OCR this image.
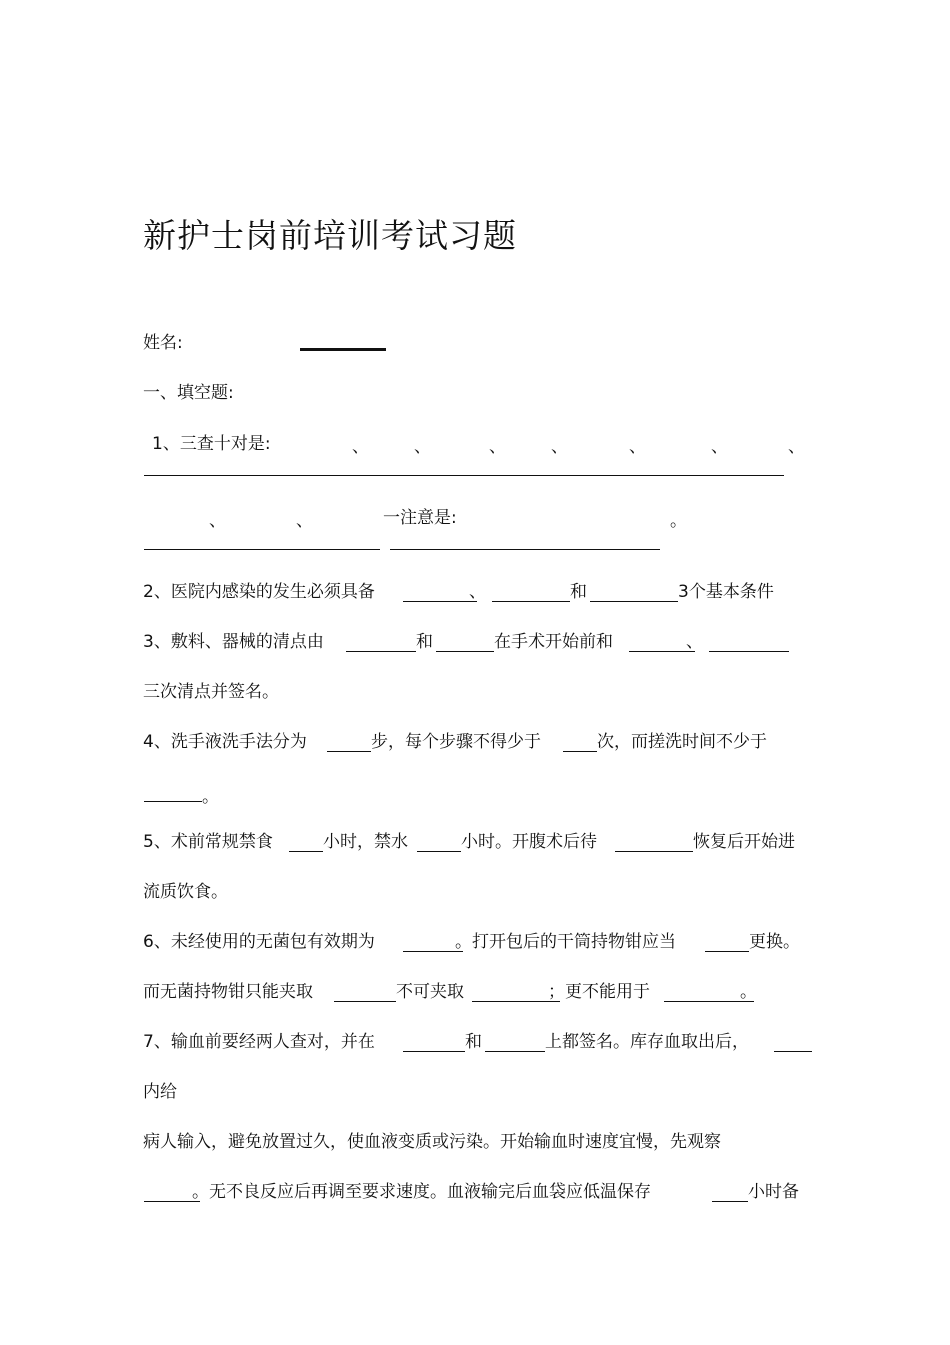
新护士岗前培训考试习题
姓名:
一、填空题:
1、三查十对是:	、	、	、	、	、	、	、
、	、	一注意是:	。
2、医院内感染的发生必须具备	、	和	3个基本条件
3、敷料、器械的清点由	和	在手术开始前和	、
三次清点并签名。
4、洗手液洗手法分为	步，每个步骤不得少于	次，而搓洗时间不少于
。
5、术前常规禁食	小时，禁水	小时。开腹术后待	恢复后开始进
流质饮食。
6、未经使用的无菌包有效期为	。打开包后的干筒持物钳应当	更换。
而无菌持物钳只能夹取	不可夹取	；更不能用于	。
7、输血前要经两人查对，并在	和	上都签名。库存血取出后，
内给
病人输入，避免放置过久，使血液变质或污染。开始输血时速度宜慢，先观察
。无不良反应后再调至要求速度。血液输完后血袋应低温保存	小时备
